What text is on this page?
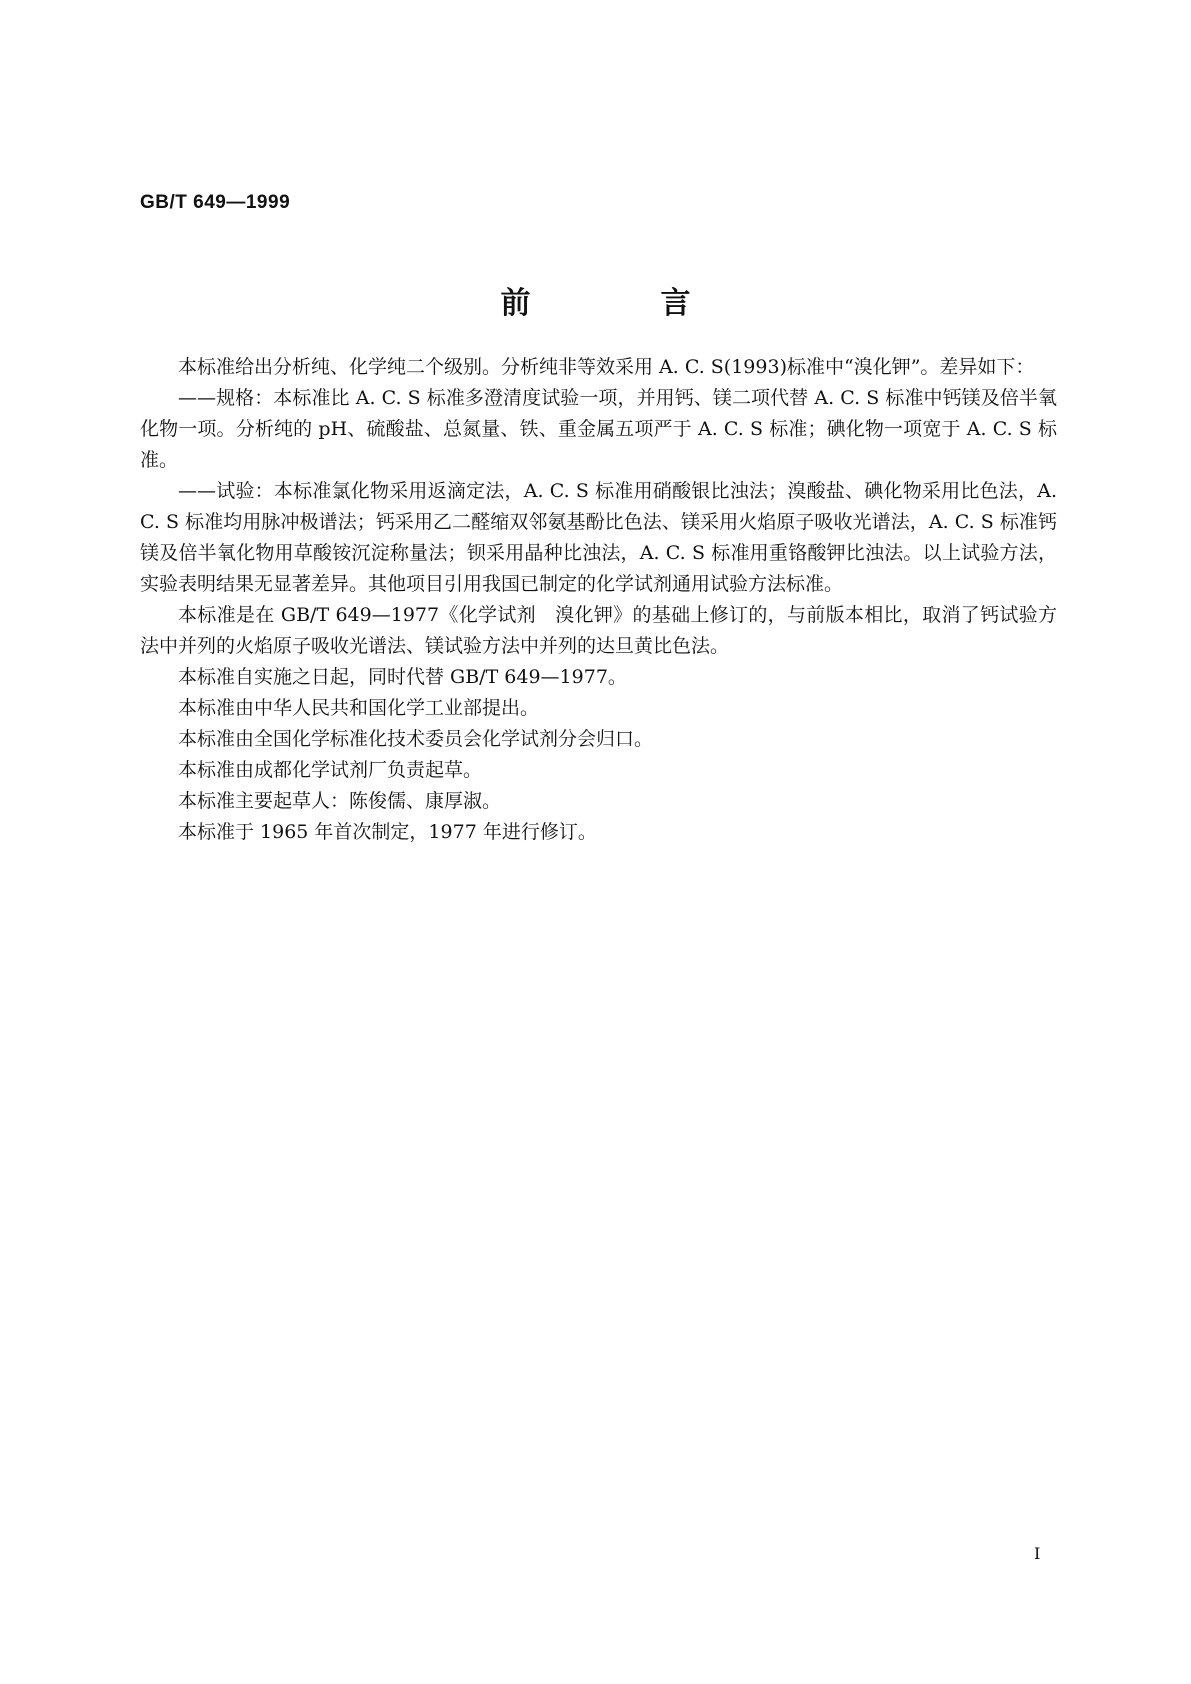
GB/T 649—1999
前　言

本标准给出分析纯、化学纯二个级别。分析纯非等效采用 A. C. S(1993)标准中“溴化钾”。差异如下：

——规格：本标准比 A. C. S 标准多澄清度试验一项，并用钙、镁二项代替 A. C. S 标准中钙镁及倍半氧化物一项。分析纯的 pH、硫酸盐、总氮量、铁、重金属五项严于 A. C. S 标准；碘化物一项宽于 A. C. S 标准。

——试验：本标准氯化物采用返滴定法，A. C. S 标准用硝酸银比浊法；溴酸盐、碘化物采用比色法，A. C. S 标准均用脉冲极谱法；钙采用乙二醛缩双邻氨基酚比色法、镁采用火焰原子吸收光谱法，A. C. S 标准钙镁及倍半氧化物用草酸铵沉淀称量法；钡采用晶种比浊法，A. C. S 标准用重铬酸钾比浊法。以上试验方法，实验表明结果无显著差异。其他项目引用我国已制定的化学试剂通用试验方法标准。

本标准是在 GB/T 649—1977《化学试剂　溴化钾》的基础上修订的，与前版本相比，取消了钙试验方法中并列的火焰原子吸收光谱法、镁试验方法中并列的达旦黄比色法。

本标准自实施之日起，同时代替 GB/T 649—1977。

本标准由中华人民共和国化学工业部提出。

本标准由全国化学标准化技术委员会化学试剂分会归口。

本标准由成都化学试剂厂负责起草。

本标准主要起草人：陈俊儒、康厚淑。

本标准于 1965 年首次制定，1977 年进行修订。

I
